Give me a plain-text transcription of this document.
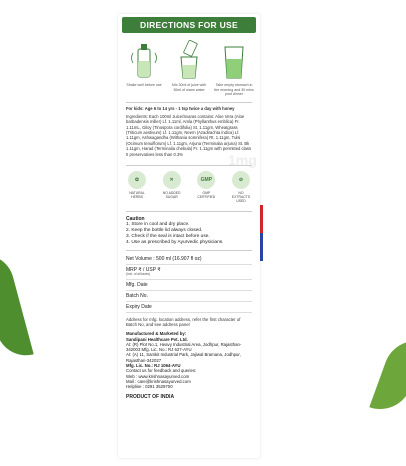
DIRECTIONS FOR USE
Shake well before use	Mix 30ml of juice with 30ml of warm water
Take empty stomach in the morning and 30 mins post dinner
For kids: Age 6 to 14 yrs - 1 tsp twice a day with honey
Ingredients: Each 100ml Juice/Svaras contains: Aloe Vera (Aloe barbadensis miller) Lf. 1.11ml, Amla (Phyllanthus emblica) Fr. 1.11mL, Giloy (Tinospora cordifolia) St. 1.11gm, Wheatgrass (Triticum aestivum) Lf. 1.11gm, Neem (Azadirachta indica) Lf. 1.11gm, Ashwagandha (Withania somnifera) Rt. 1.11gm, Tulsi (Ocimum tenuiflorum) Lf. 1.11gm, Arjuna (Terminalia arjuna) St. Bk 1.11gm, Harad (Terminalia chebula) Fr. 1.11gm with permitted class II preservatives less than 0.3%
✿
NATURAL HERBS
✕
NO ADDED SUGAR
GMP
GMP CERTIFIED
⊘
NO EXTRACTS USED
Caution
1. Store in cool and dry place.
2. Keep the bottle lid always closed.
3. Check if the seal is intact before use.
4. Use as prescribed by Ayurvedic physicians.
Net Volume : 500 ml (16.907 fl oz)
MRP ₹ / USP ₹
(Incl. of all taxes)
Mfg. Date
Batch No.
Expiry Date
Address for mfg. location address, refer the first character of Batch No, and see address panel
Manufactured & Marketed by:
Sandipani Healthcare Pvt. Ltd.
At: (R) Plot No.1, Heavy Industrial Area, Jodhpur, Rajasthan-342003 Mfg. Lic. No.: RJ 627-AYU
At: (A) 11, Samkit Industrial Park, Jajiwal Bramana, Jodhpur, Rajasthan-342027
Mfg. Lic. No.: RJ 1064-AYU
Contact us for feedback and queries:
Web : www.krishnasayurved.com
Mail : care@krishnasayurved.com
Helpline : 0291 3529700
PRODUCT OF INDIA
1mg
